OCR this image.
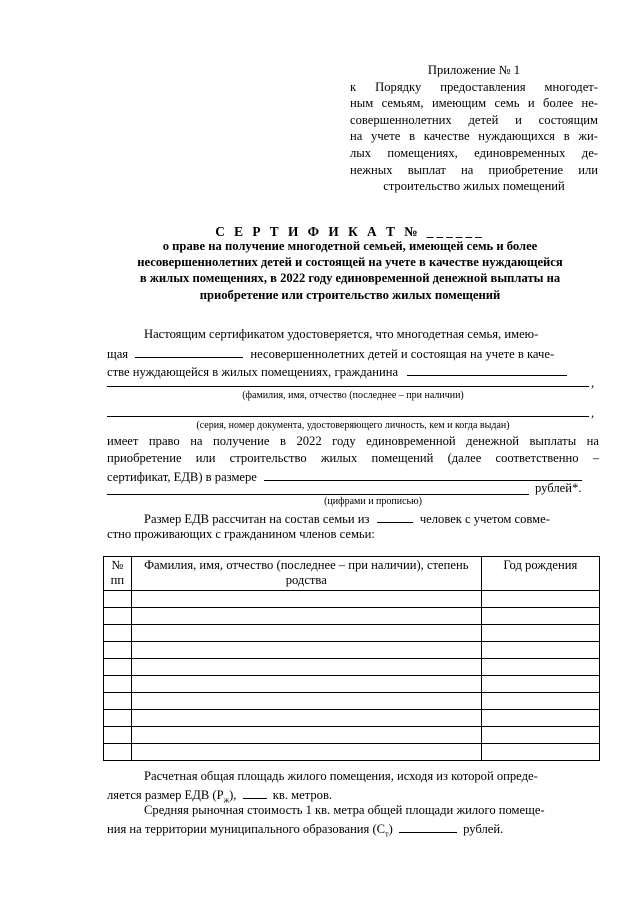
Приложение № 1
к Порядку предоставления многодет-
ным семьям, имеющим семь и более не-
совершеннолетних детей и состоящим
на учете в качестве нуждающихся в жи-
лых помещениях, единовременных де-
нежных выплат на приобретение или
строительство жилых помещений
С Е Р Т И Ф И К А Т № ______
о праве на получение многодетной семьей, имеющей семь и более
несовершеннолетних детей и состоящей на учете в качестве нуждающейся
в жилых помещениях, в 2022 году единовременной денежной выплаты на
приобретение или строительство жилых помещений
Настоящим сертификатом удостоверяется, что многодетная семья, имею-
щая	несовершеннолетних детей и состоящая на учете в каче-
стве нуждающейся в жилых помещениях, гражданина
,
(фамилия, имя, отчество (последнее – при наличии)
,
(серия, номер документа, удостоверяющего личность, кем и когда выдан)
имеет право на получение в 2022 году единовременной денежной выплаты на
приобретение или строительство жилых помещений (далее соответственно –
сертификат, ЕДВ) в размере
рублей*.
(цифрами и прописью)
Размер ЕДВ рассчитан на состав семьи из	человек с учетом совме-
стно проживающих с гражданином членов семьи:
Расчетная общая площадь жилого помещения, исходя из которой опреде-
ляется размер ЕДВ $(Р_ж)$,	кв. метров.
Средняя рыночная стоимость 1 кв. метра общей площади жилого помеще-
ния на территории муниципального образования $(С_т)$	рублей.
№ пп	Фамилия, имя, отчество (последнее – при наличии), степень родства	Год рождения
